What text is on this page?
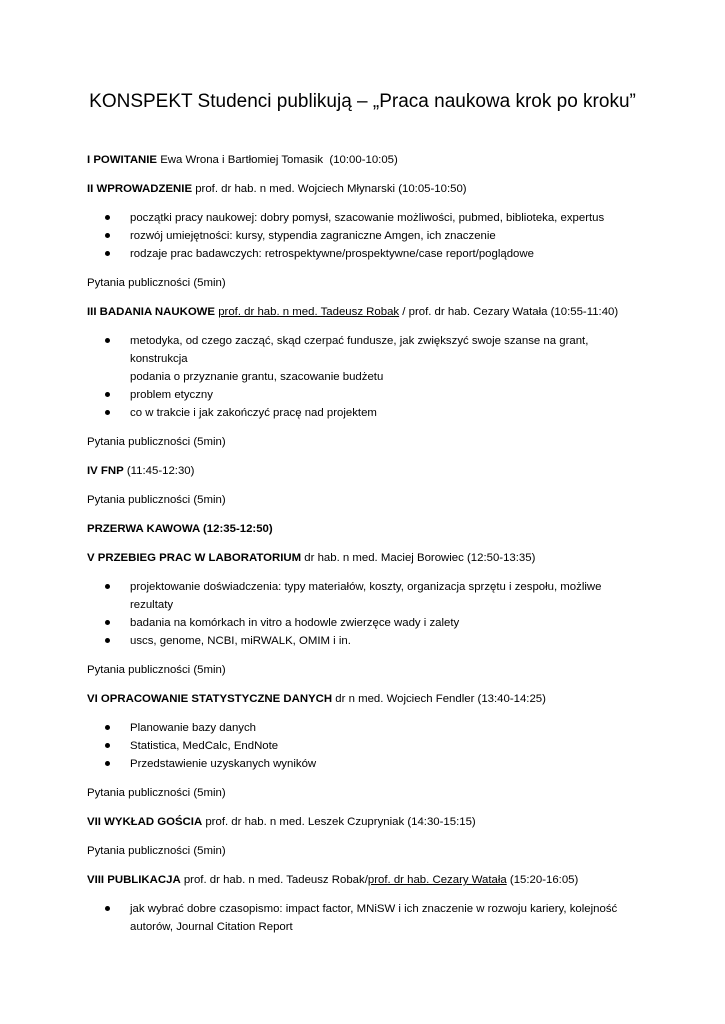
KONSPEKT Studenci publikują – „Praca naukowa krok po kroku”
I POWITANIE Ewa Wrona i Bartłomiej Tomasik  (10:00-10:05)
II WPROWADZENIE prof. dr hab. n med. Wojciech Młynarski (10:05-10:50)
początki pracy naukowej: dobry pomysł, szacowanie możliwości, pubmed, biblioteka, expertus
rozwój umiejętności: kursy, stypendia zagraniczne Amgen, ich znaczenie
rodzaje prac badawczych: retrospektywne/prospektywne/case report/poglądowe
Pytania publiczności (5min)
III BADANIA NAUKOWE prof. dr hab. n med. Tadeusz Robak / prof. dr hab. Cezary Watała (10:55-11:40)
metodyka, od czego zacząć, skąd czerpać fundusze, jak zwiększyć swoje szanse na grant, konstrukcja
podania o przyznanie grantu, szacowanie budżetu
problem etyczny
co w trakcie i jak zakończyć pracę nad projektem
Pytania publiczności (5min)
IV FNP (11:45-12:30)
Pytania publiczności (5min)
PRZERWA KAWOWA (12:35-12:50)
V PRZEBIEG PRAC W LABORATORIUM dr hab. n med. Maciej Borowiec (12:50-13:35)
projektowanie doświadczenia: typy materiałów, koszty, organizacja sprzętu i zespołu, możliwe
rezultaty
badania na komórkach in vitro a hodowle zwierzęce wady i zalety
uscs, genome, NCBI, miRWALK, OMIM i in.
Pytania publiczności (5min)
VI OPRACOWANIE STATYSTYCZNE DANYCH dr n med. Wojciech Fendler (13:40-14:25)
Planowanie bazy danych
Statistica, MedCalc, EndNote
Przedstawienie uzyskanych wyników
Pytania publiczności (5min)
VII WYKŁAD GOŚCIA prof. dr hab. n med. Leszek Czupryniak (14:30-15:15)
Pytania publiczności (5min)
VIII PUBLIKACJA prof. dr hab. n med. Tadeusz Robak/prof. dr hab. Cezary Watała (15:20-16:05)
jak wybrać dobre czasopismo: impact factor, MNiSW i ich znaczenie w rozwoju kariery, kolejność
autorów, Journal Citation Report
